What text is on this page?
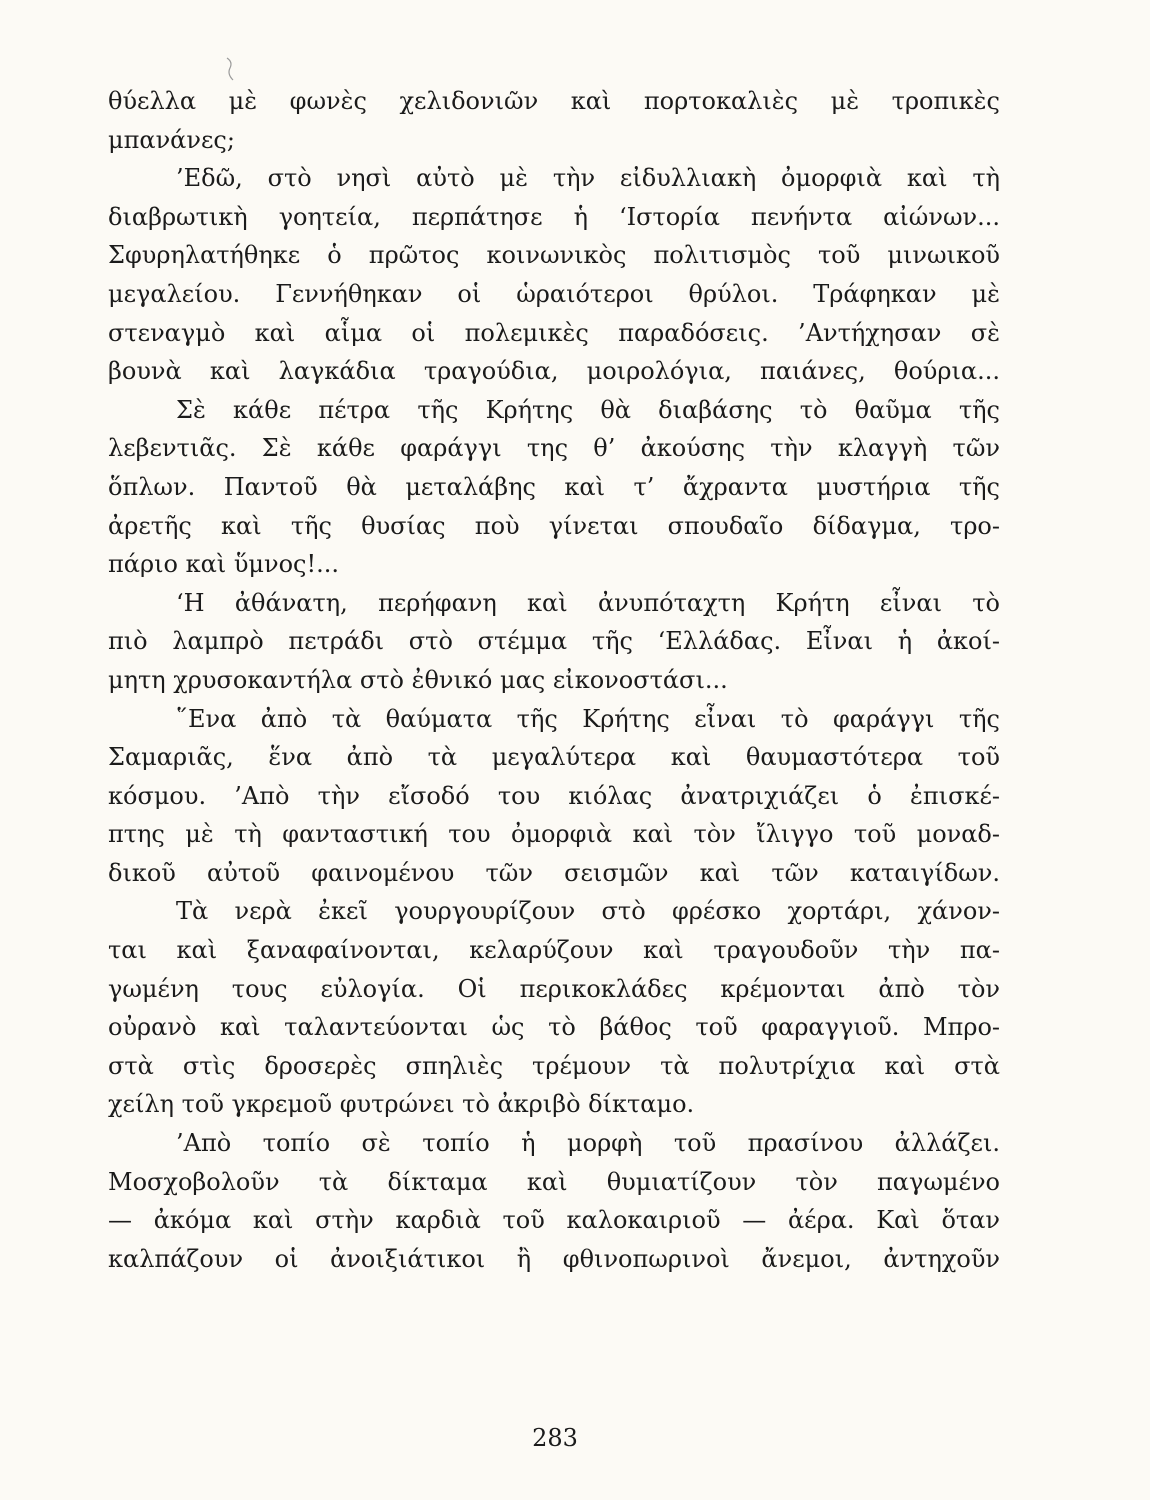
θύελλα μὲ φωνὲς χελιδονιῶν καὶ πορτοκαλιὲς μὲ τροπικὲς
μπανάνες;
’Εδῶ, στὸ νησὶ αὐτὸ μὲ τὴν εἰδυλλιακὴ ὀμορφιὰ καὶ τὴ
διαβρωτικὴ γοητεία, περπάτησε ἡ ‘Ιστορία πενήντα αἰώνων...
Σφυρηλατήθηκε ὁ πρῶτος κοινωνικὸς πολιτισμὸς τοῦ μινωικοῦ
μεγαλείου. Γεννήθηκαν οἱ ὡραιότεροι θρύλοι. Τράφηκαν μὲ
στεναγμὸ καὶ αἷμα οἱ πολεμικὲς παραδόσεις. ’Αντήχησαν σὲ
βουνὰ καὶ λαγκάδια τραγούδια, μοιρολόγια, παιάνες, θούρια...
Σὲ κάθε πέτρα τῆς Κρήτης θὰ διαβάσης τὸ θαῦμα τῆς
λεβεντιᾶς. Σὲ κάθε φαράγγι της θ’ ἀκούσης τὴν κλαγγὴ τῶν
ὅπλων. Παντοῦ θὰ μεταλάβης καὶ τ’ ἄχραντα μυστήρια τῆς
ἀρετῆς καὶ τῆς θυσίας ποὺ γίνεται σπουδαῖο δίδαγμα, τρο-
πάριο καὶ ὕμνος!...
‘Η ἀθάνατη, περήφανη καὶ ἀνυπόταχτη Κρήτη εἶναι τὸ
πιὸ λαμπρὸ πετράδι στὸ στέμμα τῆς ‘Ελλάδας. Εἶναι ἡ ἀκοί-
μητη χρυσοκαντήλα στὸ ἐθνικό μας εἰκονοστάσι...
῞Ενα ἀπὸ τὰ θαύματα τῆς Κρήτης εἶναι τὸ φαράγγι τῆς
Σαμαριᾶς, ἕνα ἀπὸ τὰ μεγαλύτερα καὶ θαυμαστότερα τοῦ
κόσμου. ’Απὸ τὴν εἴσοδό του κιόλας ἀνατριχιάζει ὁ ἐπισκέ-
πτης μὲ τὴ φανταστική του ὀμορφιὰ καὶ τὸν ἴλιγγο τοῦ μοναδ-
δικοῦ αὐτοῦ φαινομένου τῶν σεισμῶν καὶ τῶν καταιγίδων.
Τὰ νερὰ ἐκεῖ γουργουρίζουν στὸ φρέσκο χορτάρι, χάνον-
ται καὶ ξαναφαίνονται, κελαρύζουν καὶ τραγουδοῦν τὴν πα-
γωμένη τους εὐλογία. Οἱ περικοκλάδες κρέμονται ἀπὸ τὸν
οὐρανὸ καὶ ταλαντεύονται ὡς τὸ βάθος τοῦ φαραγγιοῦ. Μπρο-
στὰ στὶς δροσερὲς σπηλιὲς τρέμουν τὰ πολυτρίχια καὶ στὰ
χείλη τοῦ γκρεμοῦ φυτρώνει τὸ ἀκριβὸ δίκταμο.
’Απὸ τοπίο σὲ τοπίο ἡ μορφὴ τοῦ πρασίνου ἀλλάζει.
Μοσχοβολοῦν τὰ δίκταμα καὶ θυμιατίζουν τὸν παγωμένο
— ἀκόμα καὶ στὴν καρδιὰ τοῦ καλοκαιριοῦ — ἀέρα. Καὶ ὅταν
καλπάζουν οἱ ἀνοιξιάτικοι ἢ φθινοπωρινοὶ ἄνεμοι, ἀντηχοῦν
283
